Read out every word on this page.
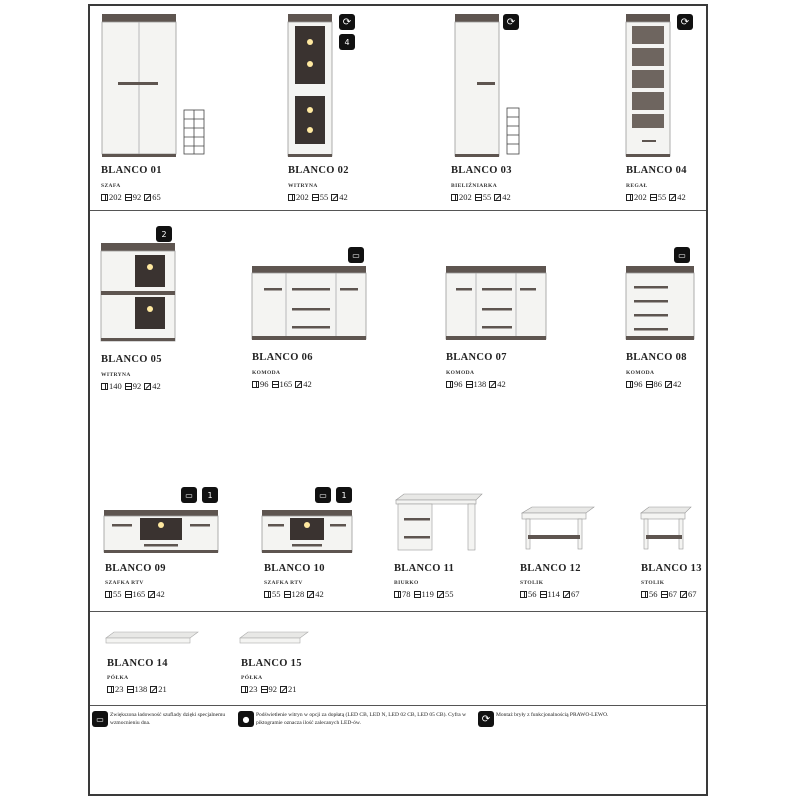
BLANCO 01
SZAFA
202 92 65
⟳
4
BLANCO 02
WITRYNA
202 55 42
⟳
BLANCO 03
BIELIŹNIARKA
202 55 42
⟳
BLANCO 04
REGAŁ
202 55 42
2
BLANCO 05
WITRYNA
140 92 42
▭
BLANCO 06
KOMODA
96 165 42
BLANCO 07
KOMODA
96 138 42
▭
BLANCO 08
KOMODA
96 86 42
▭	1
BLANCO 09
SZAFKA RTV
55 165 42
▭	1
BLANCO 10
SZAFKA RTV
55 128 42
BLANCO 11
BIURKO
78 119 55
BLANCO 12
STOLIK
56 114 67
BLANCO 13
STOLIK
56 67 67
BLANCO 14
PÓŁKA
23 138 21
BLANCO 15
PÓŁKA
23 92 21
▭	Zwiększona ładowność szuflady dzięki specjalnemu wzmocnieniu dna.	●	Podświetlenie witryn w opcji za dopłatą (LED CB, LED N, LED 02 CB, LED 05 CB). Cyfra w piktogramie oznacza ilość zalecanych LED-ów.	⟳	Montaż bryły z funkcjonalnością PRAWO-LEWO.
